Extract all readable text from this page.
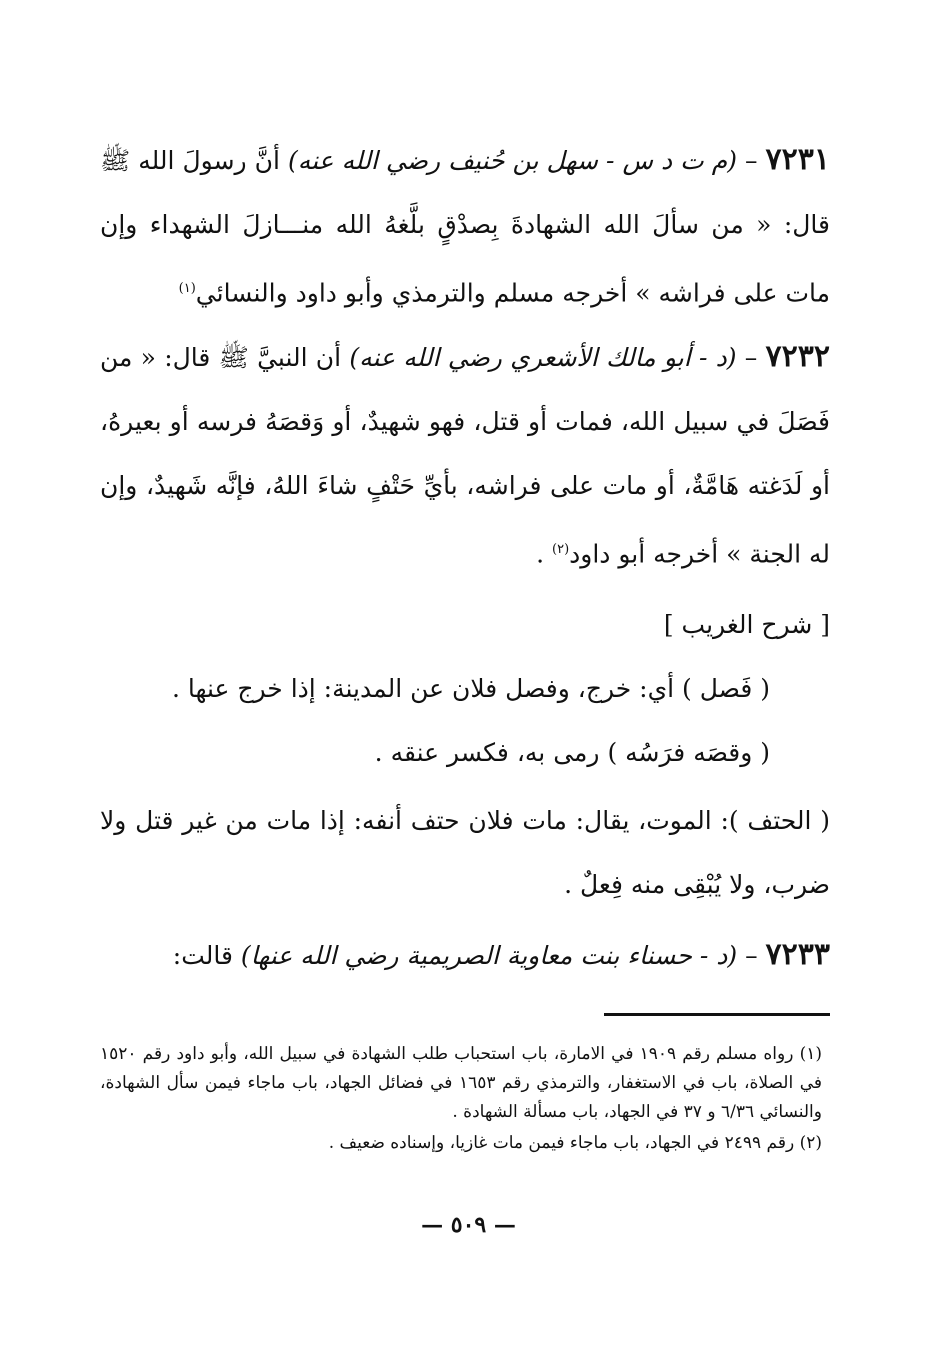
٧٢٣١ – (م ت د س - سهل بن حُنيف رضي الله عنه) أنَّ رسولَ الله ﷺ قال: « من سألَ الله الشهادةَ بِصدْقٍ بلَّغهُ الله منـــازلَ الشهداء وإن مات على فراشه » أخرجه مسلم والترمذي وأبو داود والنسائي$^{(١)}$

٧٢٣٢ – (د - أبو مالك الأشعري رضي الله عنه) أن النبيَّ ﷺ قال: « من فَصَلَ في سبيل الله، فمات أو قتل، فهو شهيدٌ، أو وَقصَهُ فرسه أو بعيرهُ، أو لَدَغته هَامَّةٌ، أو مات على فراشه، بأيِّ حَتْفٍ شاءَ اللهُ، فإنَّه شَهيدٌ، وإن له الجنة » أخرجه أبو داود$^{(٢)}$ .

[ شرح الغريب ]

( فَصل ) أي: خرج، وفصل فلان عن المدينة: إذا خرج عنها .

( وقصَه فرَسُه ) رمى به، فكسر عنقه .

( الحتف ): الموت، يقال: مات فلان حتف أنفه: إذا مات من غير قتل ولا ضرب، ولا يُبْقِى منه فِعلٌ .

٧٢٣٣ – (د - حسناء بنت معاوية الصريمية رضي الله عنها) قالت:

(١) رواه مسلم رقم ١٩٠٩ في الامارة، باب استحباب طلب الشهادة في سبيل الله، وأبو داود رقم ١٥٢٠ في الصلاة، باب في الاستغفار، والترمذي رقم ١٦٥٣ في فضائل الجهاد، باب ماجاء فيمن سأل الشهادة، والنسائي ٦/٣٦ و ٣٧ في الجهاد، باب مسألة الشهادة .

(٢) رقم ٢٤٩٩ في الجهاد، باب ماجاء فيمن مات غازيا، وإسناده ضعيف .

— ٥٠٩ —
